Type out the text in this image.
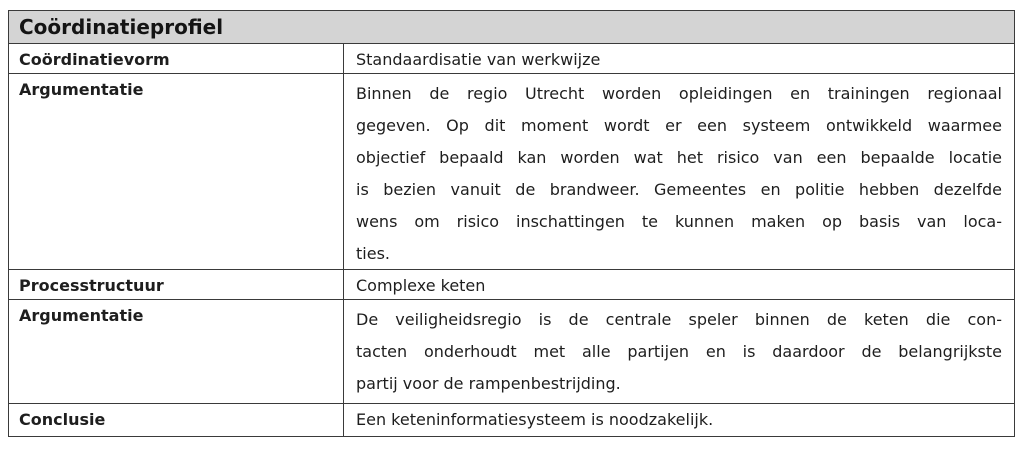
Coördinatieprofiel
Coördinatievorm	Standaardisatie van werkwijze
Argumentatie	Binnen de regio Utrecht worden opleidingen en trainingen regionaal
gegeven. Op dit moment wordt er een systeem ontwikkeld waarmee
objectief bepaald kan worden wat het risico van een bepaalde locatie
is bezien vanuit de brandweer. Gemeentes en politie hebben dezelfde
wens om risico inschattingen te kunnen maken op basis van loca-
ties.
Processtructuur	Complexe keten
Argumentatie	De veiligheidsregio is de centrale speler binnen de keten die con-
tacten onderhoudt met alle partijen en is daardoor de belangrijkste
partij voor de rampenbestrijding.
Conclusie	Een keteninformatiesysteem is noodzakelijk.
